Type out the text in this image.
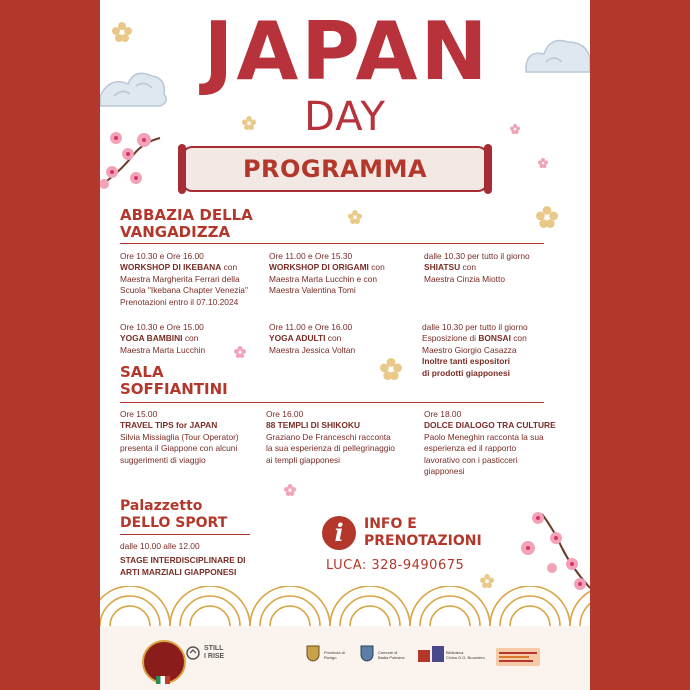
JAPAN
DAY
PROGRAMMA
ABBAZIA DELLA
VANGADIZZA
Ore 10.30 e Ore 16.00
WORKSHOP DI IKEBANA con
Maestra Margherita Ferrari della
Scuola "Ikebana Chapter Venezia"
Prenotazioni entro il 07.10.2024
Ore 11.00 e Ore 15.30
WORKSHOP DI ORIGAMI con
Maestra Marta Lucchin e con
Maestra Valentina Tomi
dalle 10.30 per tutto il giorno
SHIATSU con
Maestra Cinzia Miotto
Ore 10.30 e Ore 15.00
YOGA BAMBINI con
Maestra Marta Lucchin
Ore 11.00 e Ore 16.00
YOGA ADULTI con
Maestra Jessica Voltan
dalle 10.30 per tutto il giorno
Esposizione di BONSAI con
Maestro Giorgio Casazza
Inoltre tanti espositori
di prodotti giapponesi
SALA
SOFFIANTINI
Ore 15.00
TRAVEL TIPS for JAPAN
Silvia Missiaglia (Tour Operator)
presenta il Giappone con alcuni
suggerimenti di viaggio
Ore 16.00
88 TEMPLI DI SHIKOKU
Graziano De Franceschi racconta
la sua esperienza di pellegrinaggio
ai templi giapponesi
Ore 18.00
DOLCE DIALOGO TRA CULTURE
Paolo Meneghin racconta la sua
esperienza ed il rapporto
lavorativo con i pasticceri
giapponesi
Palazzetto
DELLO SPORT
dalle 10.00 alle 12.00
STAGE INTERDISCIPLINARE DI
ARTI MARZIALI GIAPPONESI
i	INFO E
PRENOTAZIONI
LUCA: 328-9490675
STILL
I RISE
Provincia di
Rovigo
Comune di
Badia Polesine
Biblioteca
Civica G.G. Bronziero
